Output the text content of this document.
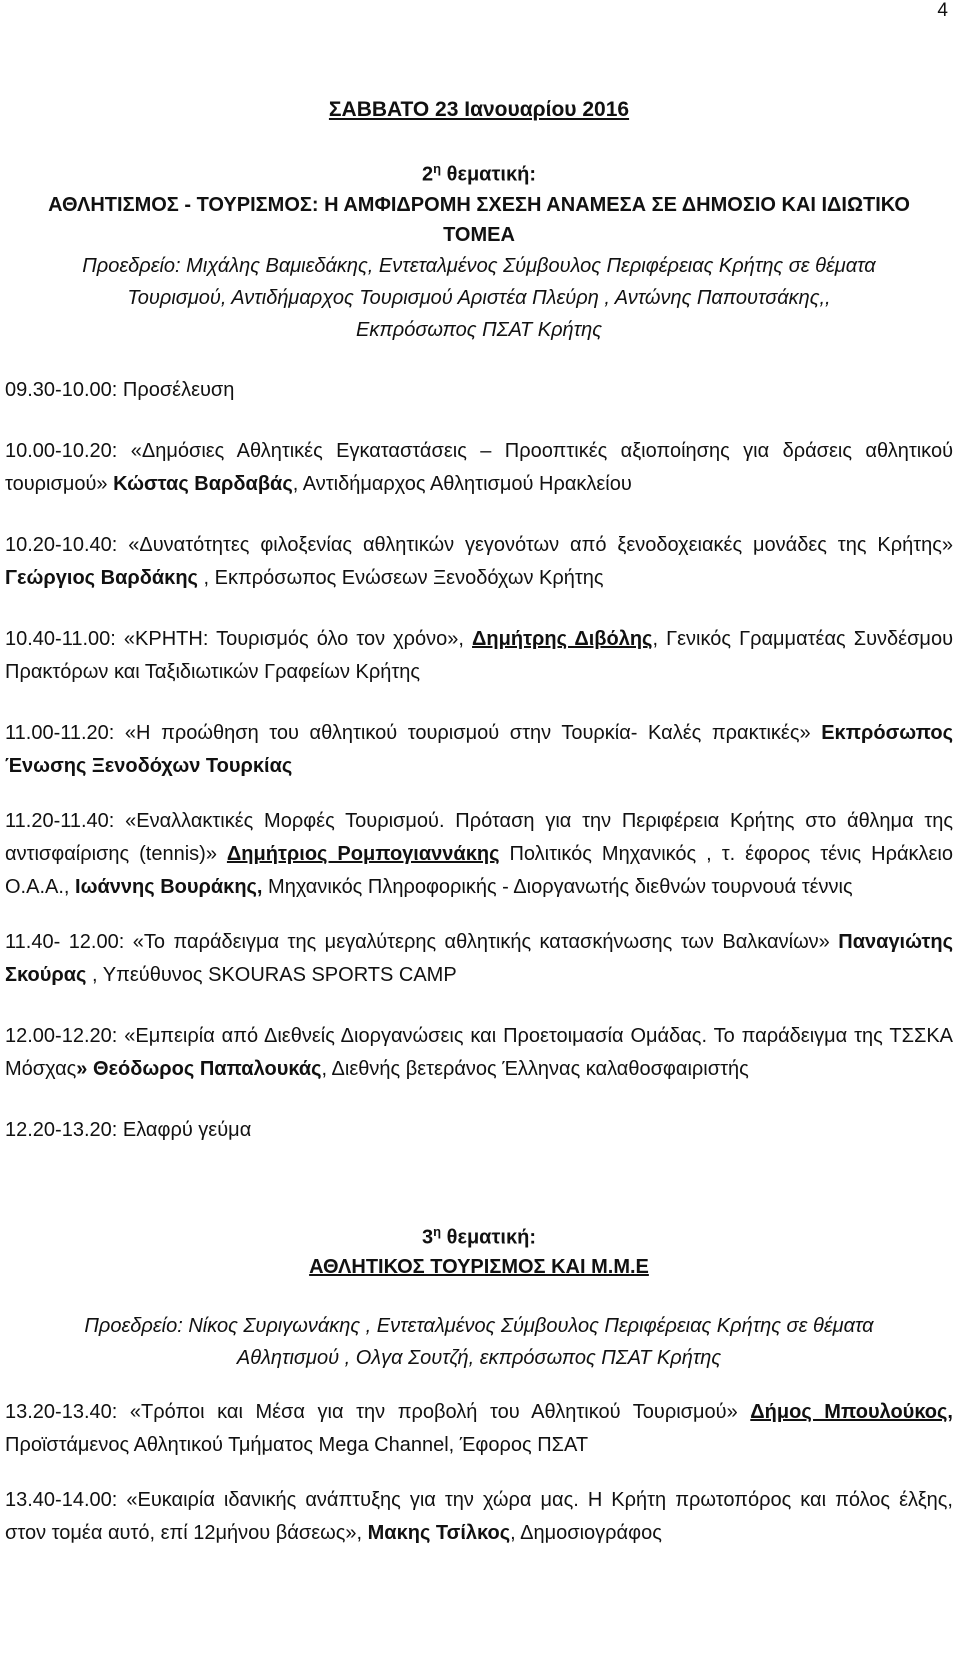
4
ΣΑΒΒΑΤΟ 23 Ιανουαρίου 2016
$2^\eta$ θεματική:
ΑΘΛΗΤΙΣΜΟΣ - ΤΟΥΡΙΣΜΟΣ: Η ΑΜΦΙΔΡΟΜΗ ΣΧΕΣΗ ΑΝΑΜΕΣΑ ΣΕ ΔΗΜΟΣΙΟ ΚΑΙ ΙΔΙΩΤΙΚΟ
ΤΟΜΕΑ
Προεδρείο: Μιχάλης Βαμιεδάκης, Εντεταλμένος Σύμβουλος Περιφέρειας Κρήτης σε θέματα
Τουρισμού, Αντιδήμαρχος Τουρισμού Αριστέα Πλεύρη , Αντώνης Παπουτσάκης,,
Εκπρόσωπος ΠΣΑΤ Κρήτης

09.30-10.00: Προσέλευση

10.00-10.20: «Δημόσιες Αθλητικές Εγκαταστάσεις – Προοπτικές αξιοποίησης για δράσεις αθλητικού τουρισμού» Κώστας Βαρδαβάς, Αντιδήμαρχος Αθλητισμού Ηρακλείου

10.20-10.40: «Δυνατότητες φιλοξενίας αθλητικών γεγονότων από ξενοδοχειακές μονάδες της Κρήτης» Γεώργιος Βαρδάκης , Εκπρόσωπος Ενώσεων Ξενοδόχων Κρήτης

10.40-11.00: «ΚΡΗΤΗ: Τουρισμός όλο τον χρόνο», Δημήτρης Διβόλης, Γενικός Γραμματέας Συνδέσμου Πρακτόρων και Ταξιδιωτικών Γραφείων Κρήτης

11.00-11.20: «Η προώθηση του αθλητικού τουρισμού στην Τουρκία- Καλές πρακτικές» Εκπρόσωπος Ένωσης Ξενοδόχων Τουρκίας

11.20-11.40: «Εναλλακτικές Μορφές Τουρισμού. Πρόταση για την Περιφέρεια Κρήτης στο άθλημα της αντισφαίρισης (tennis)» Δημήτριος Ρομπογιαννάκης Πολιτικός Μηχανικός , τ. έφορος τένις Ηράκλειο Ο.Α.Α., Ιωάννης Βουράκης, Μηχανικός Πληροφορικής - Διοργανωτής διεθνών τουρνουά τέννις

11.40- 12.00: «Το παράδειγμα της μεγαλύτερης αθλητικής κατασκήνωσης των Βαλκανίων» Παναγιώτης Σκούρας , Υπεύθυνος SKOURAS SPORTS CAMP

12.00-12.20: «Εμπειρία από Διεθνείς Διοργανώσεις και Προετοιμασία Ομάδας. Το παράδειγμα της ΤΣΣΚΑ Μόσχας» Θεόδωρος Παπαλουκάς, Διεθνής βετεράνος Έλληνας καλαθοσφαιριστής

12.20-13.20: Ελαφρύ γεύμα

$3^\eta$ θεματική:
ΑΘΛΗΤΙΚΟΣ ΤΟΥΡΙΣΜΟΣ ΚΑΙ Μ.Μ.Ε
Προεδρείο: Νίκος Συριγωνάκης , Εντεταλμένος Σύμβουλος Περιφέρειας Κρήτης σε θέματα
Αθλητισμού , Ολγα Σουτζή, εκπρόσωπος ΠΣΑΤ Κρήτης

13.20-13.40: «Τρόποι και Μέσα για την προβολή του Αθλητικού Τουρισμού» Δήμος Μπουλούκος, Προϊστάμενος Αθλητικού Τμήματος Mega Channel, Έφορος ΠΣΑΤ

13.40-14.00: «Ευκαιρία ιδανικής ανάπτυξης για την χώρα μας. Η Κρήτη πρωτοπόρος και πόλος έλξης, στον τομέα αυτό, επί 12μήνου βάσεως», Μακης Τσίλκος, Δημοσιογράφος
